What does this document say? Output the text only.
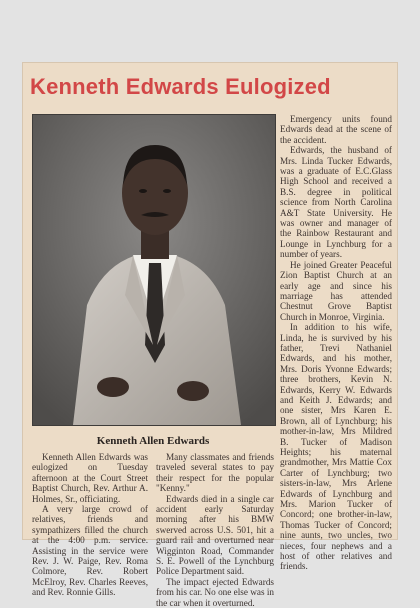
Kenneth Edwards Eulogized

Kenneth Allen Edwards

Kenneth Allen Edwards was eulogized on Tuesday afternoon at the Court Street Baptist Church, Rev. Arthur A. Holmes, Sr., officiating.

A very large crowd of relatives, friends and sympathizers filled the church at the 4:00 p.m. service. Assisting in the service were Rev. J. W. Paige, Rev. Roma Colmore, Rev. Robert McElroy, Rev. Charles Reeves, and Rev. Ronnie Gills.

Many classmates and friends traveled several states to pay their respect for the popular "Kenny."

Edwards died in a single car accident early Saturday morning after his BMW swerved across U.S. 501, hit a guard rail and overturned near Wigginton Road, Commander S. E. Powell of the Lynchburg Police Department said.

The impact ejected Edwards from his car. No one else was in the car when it overturned.

Emergency units found Edwards dead at the scene of the accident.

Edwards, the husband of Mrs. Linda Tucker Edwards, was a graduate of E.C.Glass High School and received a B.S. degree in political science from North Carolina A&T State University. He was owner and manager of the Rainbow Restaurant and Lounge in Lynchburg for a number of years.

He joined Greater Peaceful Zion Baptist Church at an early age and since his marriage has attended Chestnut Grove Baptist Church in Monroe, Virginia.

In addition to his wife, Linda, he is survived by his father, Trevi Nathaniel Edwards, and his mother, Mrs. Doris Yvonne Edwards; three brothers, Kevin N. Edwards, Kerry W. Edwards and Keith J. Edwards; and one sister, Mrs Karen E. Brown, all of Lynchburg; his mother-in-law, Mrs Mildred B. Tucker of Madison Heights; his maternal grandmother, Mrs Mattie Cox Carter of Lynchburg; two sisters-in-law, Mrs Arlene Edwards of Lynchburg and Mrs. Marion Tucker of Concord; one brother-in-law, Thomas Tucker of Concord; nine aunts, two uncles, two nieces, four nephews and a host of other relatives and friends.
